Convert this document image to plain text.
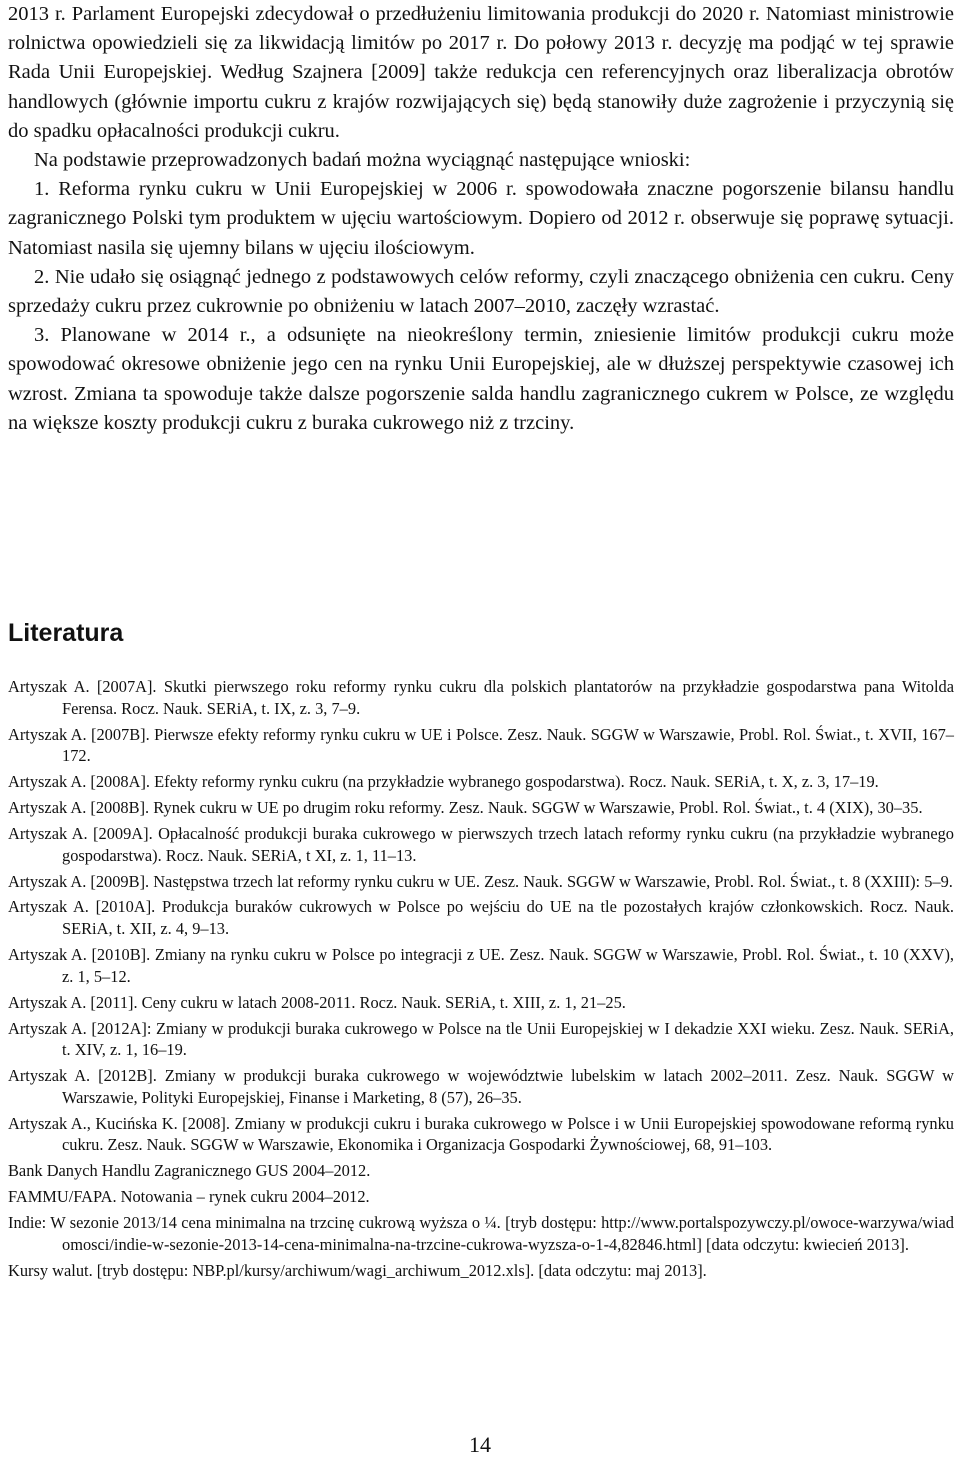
2013 r. Parlament Europejski zdecydował o przedłużeniu limitowania produkcji do 2020 r. Natomiast ministrowie rolnictwa opowiedzieli się za likwidacją limitów po 2017 r. Do połowy 2013 r. decyzję ma podjąć w tej sprawie Rada Unii Europejskiej. Według Szajnera [2009] także redukcja cen referencyjnych oraz liberalizacja obrotów handlowych (głównie importu cukru z krajów rozwijających się) będą stanowiły duże zagrożenie i przyczynią się do spadku opłacalności produkcji cukru.

Na podstawie przeprowadzonych badań można wyciągnąć następujące wnioski:

1. Reforma rynku cukru w Unii Europejskiej w 2006 r. spowodowała znaczne pogorszenie bilansu handlu zagranicznego Polski tym produktem w ujęciu wartościowym. Dopiero od 2012 r. obserwuje się poprawę sytuacji. Natomiast nasila się ujemny bilans w ujęciu ilościowym.

2. Nie udało się osiągnąć jednego z podstawowych celów reformy, czyli znaczącego obniżenia cen cukru. Ceny sprzedaży cukru przez cukrownie po obniżeniu w latach 2007–2010, zaczęły wzrastać.

3. Planowane w 2014 r., a odsunięte na nieokreślony termin, zniesienie limitów produkcji cukru może spowodować okresowe obniżenie jego cen na rynku Unii Europejskiej, ale w dłuższej perspektywie czasowej ich wzrost. Zmiana ta spowoduje także dalsze pogorszenie salda handlu zagranicznego cukrem w Polsce, ze względu na większe koszty produkcji cukru z buraka cukrowego niż z trzciny.

Literatura
Artyszak A. [2007A]. Skutki pierwszego roku reformy rynku cukru dla polskich plantatorów na przykładzie gospodarstwa pana Witolda Ferensa. Rocz. Nauk. SERiA, t. IX, z. 3, 7–9.
Artyszak A. [2007B]. Pierwsze efekty reformy rynku cukru w UE i Polsce. Zesz. Nauk. SGGW w Warszawie, Probl. Rol. Świat., t. XVII, 167–172.
Artyszak A. [2008A]. Efekty reformy rynku cukru (na przykładzie wybranego gospodarstwa). Rocz. Nauk. SERiA, t. X, z. 3, 17–19.
Artyszak A. [2008B]. Rynek cukru w UE po drugim roku reformy. Zesz. Nauk. SGGW w Warszawie, Probl. Rol. Świat., t. 4 (XIX), 30–35.
Artyszak A. [2009A]. Opłacalność produkcji buraka cukrowego w pierwszych trzech latach reformy rynku cukru (na przykładzie wybranego gospodarstwa). Rocz. Nauk. SERiA, t XI, z. 1, 11–13.
Artyszak A. [2009B]. Następstwa trzech lat reformy rynku cukru w UE. Zesz. Nauk. SGGW w Warszawie, Probl. Rol. Świat., t. 8 (XXIII): 5–9.
Artyszak A. [2010A]. Produkcja buraków cukrowych w Polsce po wejściu do UE na tle pozostałych krajów członkowskich. Rocz. Nauk. SERiA, t. XII, z. 4, 9–13.
Artyszak A. [2010B]. Zmiany na rynku cukru w Polsce po integracji z UE. Zesz. Nauk. SGGW w Warszawie, Probl. Rol. Świat., t. 10 (XXV), z. 1, 5–12.
Artyszak A. [2011]. Ceny cukru w latach 2008-2011. Rocz. Nauk. SERiA, t. XIII, z. 1, 21–25.
Artyszak A. [2012A]: Zmiany w produkcji buraka cukrowego w Polsce na tle Unii Europejskiej w I dekadzie XXI wieku. Zesz. Nauk. SERiA, t. XIV, z. 1, 16–19.
Artyszak A. [2012B]. Zmiany w produkcji buraka cukrowego w województwie lubelskim w latach 2002–2011. Zesz. Nauk. SGGW w Warszawie, Polityki Europejskiej, Finanse i Marketing, 8 (57), 26–35.
Artyszak A., Kucińska K. [2008]. Zmiany w produkcji cukru i buraka cukrowego w Polsce i w Unii Europejskiej spowodowane reformą rynku cukru. Zesz. Nauk. SGGW w Warszawie, Ekonomika i Organizacja Gospodarki Żywnościowej, 68, 91–103.
Bank Danych Handlu Zagranicznego GUS 2004–2012.
FAMMU/FAPA. Notowania – rynek cukru 2004–2012.
Indie: W sezonie 2013/14 cena minimalna na trzcinę cukrową wyższa o ¼. [tryb dostępu: http://www.portalspozywczy.pl/owoce-warzywa/wiadomosci/indie-w-sezonie-2013-14-cena-minimalna-na-trzcine-cukrowa-wyzsza-o-1-4,82846.html] [data odczytu: kwiecień 2013].
Kursy walut. [tryb dostępu: NBP.pl/kursy/archiwum/wagi_archiwum_2012.xls]. [data odczytu: maj 2013].
14
